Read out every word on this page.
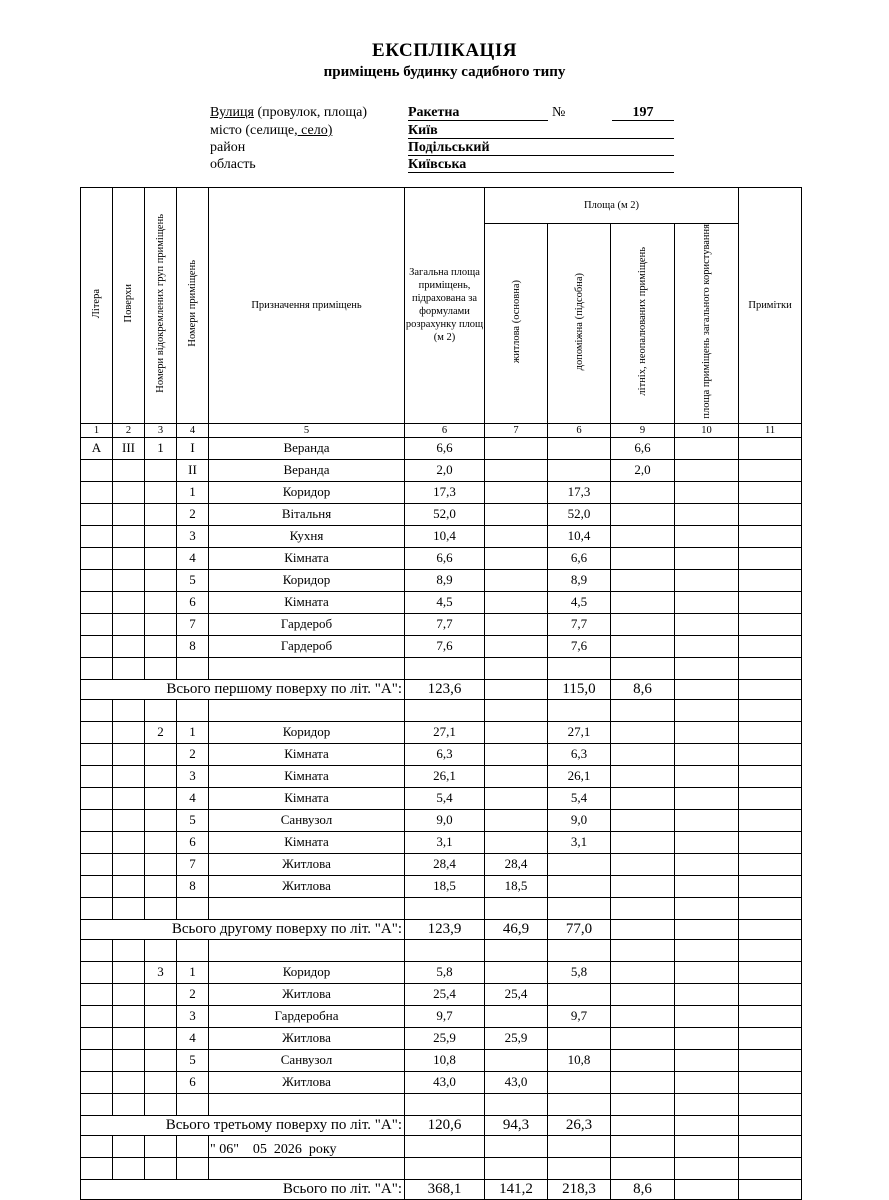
ЕКСПЛІКАЦІЯ
приміщень будинку садибного типу
Вулиця (провулок, площа)	Ракетна	№	197
місто (селище, село)	Київ
район	Подільський
область	Київська
Літера	Поверхи	Номери відокремлених груп приміщень	Номери приміщень	Призначення приміщень	Загальна площа приміщень, підрахована за формулами розрахунку площ (м 2)	Площа (м 2)				Примітки
						житлова (основна)	допоміжна (підсобна)	літніх, неопалюваних приміщень	площа приміщень загального користування	
1	2	3	4	5	6	7	6	9	10	11
А	III	1	I	Веранда	6,6			6,6		
			II	Веранда	2,0			2,0		
			1	Коридор	17,3		17,3			
			2	Вітальня	52,0		52,0			
			3	Кухня	10,4		10,4			
			4	Кімната	6,6		6,6			
			5	Коридор	8,9		8,9			
			6	Кімната	4,5		4,5			
			7	Гардероб	7,7		7,7			
			8	Гардероб	7,6		7,6			

Всього першому поверху по літ. "А":					123,6		115,0	8,6		

		2	1	Коридор	27,1		27,1			
			2	Кімната	6,3		6,3			
			3	Кімната	26,1		26,1			
			4	Кімната	5,4		5,4			
			5	Санвузол	9,0		9,0			
			6	Кімната	3,1		3,1			
			7	Житлова	28,4	28,4				
			8	Житлова	18,5	18,5				

Всього другому поверху по літ. "А":					123,9	46,9	77,0			

		3	1	Коридор	5,8		5,8			
			2	Житлова	25,4	25,4				
			3	Гардеробна	9,7		9,7			
			4	Житлова	25,9	25,9				
			5	Санвузол	10,8		10,8			
			6	Житлова	43,0	43,0				

Всього третьому поверху по літ. "А":					120,6	94,3	26,3			

Всього по літ. "А":					368,1	141,2	218,3	8,6		
" 06"    05  2026  року
